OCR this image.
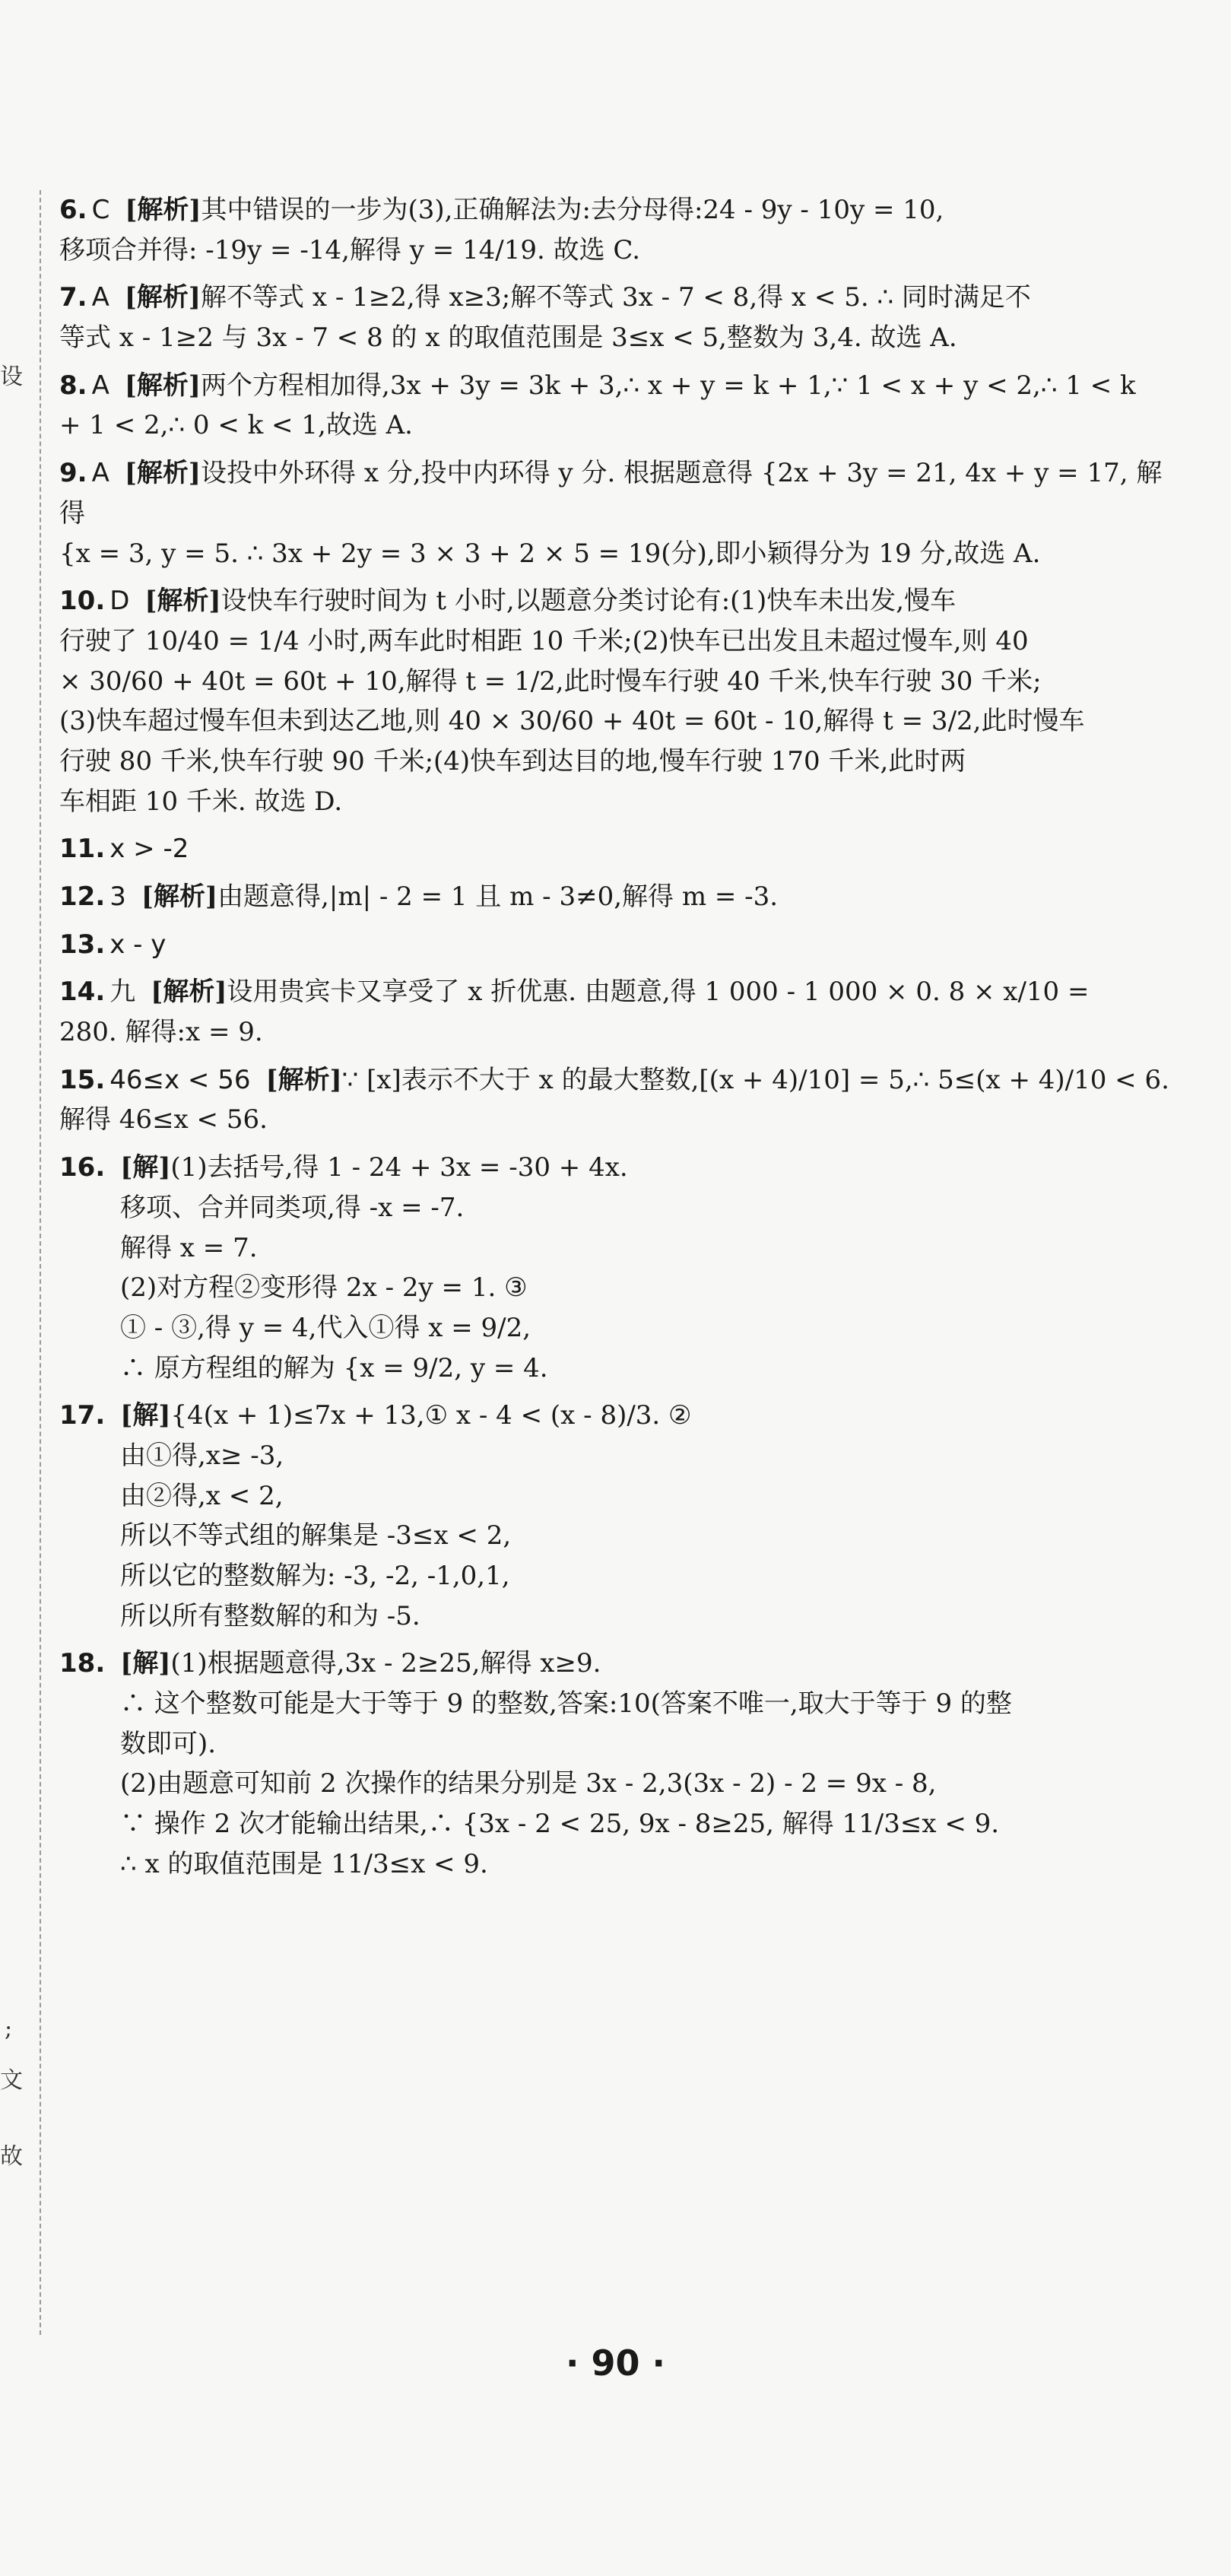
设
;
文
故
6. C [解析]其中错误的一步为(3),正确解法为:去分母得:24 - 9y - 10y = 10,
移项合并得: -19y = -14,解得 y = 14/19. 故选 C.
7. A [解析]解不等式 x - 1≥2,得 x≥3;解不等式 3x - 7 < 8,得 x < 5. ∴ 同时满足不
等式 x - 1≥2 与 3x - 7 < 8 的 x 的取值范围是 3≤x < 5,整数为 3,4. 故选 A.
8. A [解析]两个方程相加得,3x + 3y = 3k + 3,∴ x + y = k + 1,∵ 1 < x + y < 2,∴ 1 < k
+ 1 < 2,∴ 0 < k < 1,故选 A.
9. A [解析]设投中外环得 x 分,投中内环得 y 分. 根据题意得 {2x + 3y = 21, 4x + y = 17, 解得
{x = 3, y = 5. ∴ 3x + 2y = 3 × 3 + 2 × 5 = 19(分),即小颖得分为 19 分,故选 A.
10. D [解析]设快车行驶时间为 t 小时,以题意分类讨论有:(1)快车未出发,慢车
行驶了 10/40 = 1/4 小时,两车此时相距 10 千米;(2)快车已出发且未超过慢车,则 40
× 30/60 + 40t = 60t + 10,解得 t = 1/2,此时慢车行驶 40 千米,快车行驶 30 千米;
(3)快车超过慢车但未到达乙地,则 40 × 30/60 + 40t = 60t - 10,解得 t = 3/2,此时慢车
行驶 80 千米,快车行驶 90 千米;(4)快车到达目的地,慢车行驶 170 千米,此时两
车相距 10 千米. 故选 D.
11. x > -2
12. 3 [解析]由题意得,|m| - 2 = 1 且 m - 3≠0,解得 m = -3.
13. x - y
14. 九 [解析]设用贵宾卡又享受了 x 折优惠. 由题意,得 1 000 - 1 000 × 0. 8 × x/10 =
280. 解得:x = 9.
15. 46≤x < 56 [解析]∵ [x]表示不大于 x 的最大整数,[(x + 4)/10] = 5,∴ 5≤(x + 4)/10 < 6.
解得 46≤x < 56.
16. [解](1)去括号,得 1 - 24 + 3x = -30 + 4x.
移项、合并同类项,得 -x = -7.
解得 x = 7.
(2)对方程②变形得 2x - 2y = 1. ③
① - ③,得 y = 4,代入①得 x = 9/2,
∴ 原方程组的解为 {x = 9/2, y = 4.
17. [解]{4(x + 1)≤7x + 13,① x - 4 < (x - 8)/3. ②
由①得,x≥ -3,
由②得,x < 2,
所以不等式组的解集是 -3≤x < 2,
所以它的整数解为: -3, -2, -1,0,1,
所以所有整数解的和为 -5.
18. [解](1)根据题意得,3x - 2≥25,解得 x≥9.
∴ 这个整数可能是大于等于 9 的整数,答案:10(答案不唯一,取大于等于 9 的整
数即可).
(2)由题意可知前 2 次操作的结果分别是 3x - 2,3(3x - 2) - 2 = 9x - 8,
∵ 操作 2 次才能输出结果,∴ {3x - 2 < 25, 9x - 8≥25, 解得 11/3≤x < 9.
∴ x 的取值范围是 11/3≤x < 9.
· 90 ·
